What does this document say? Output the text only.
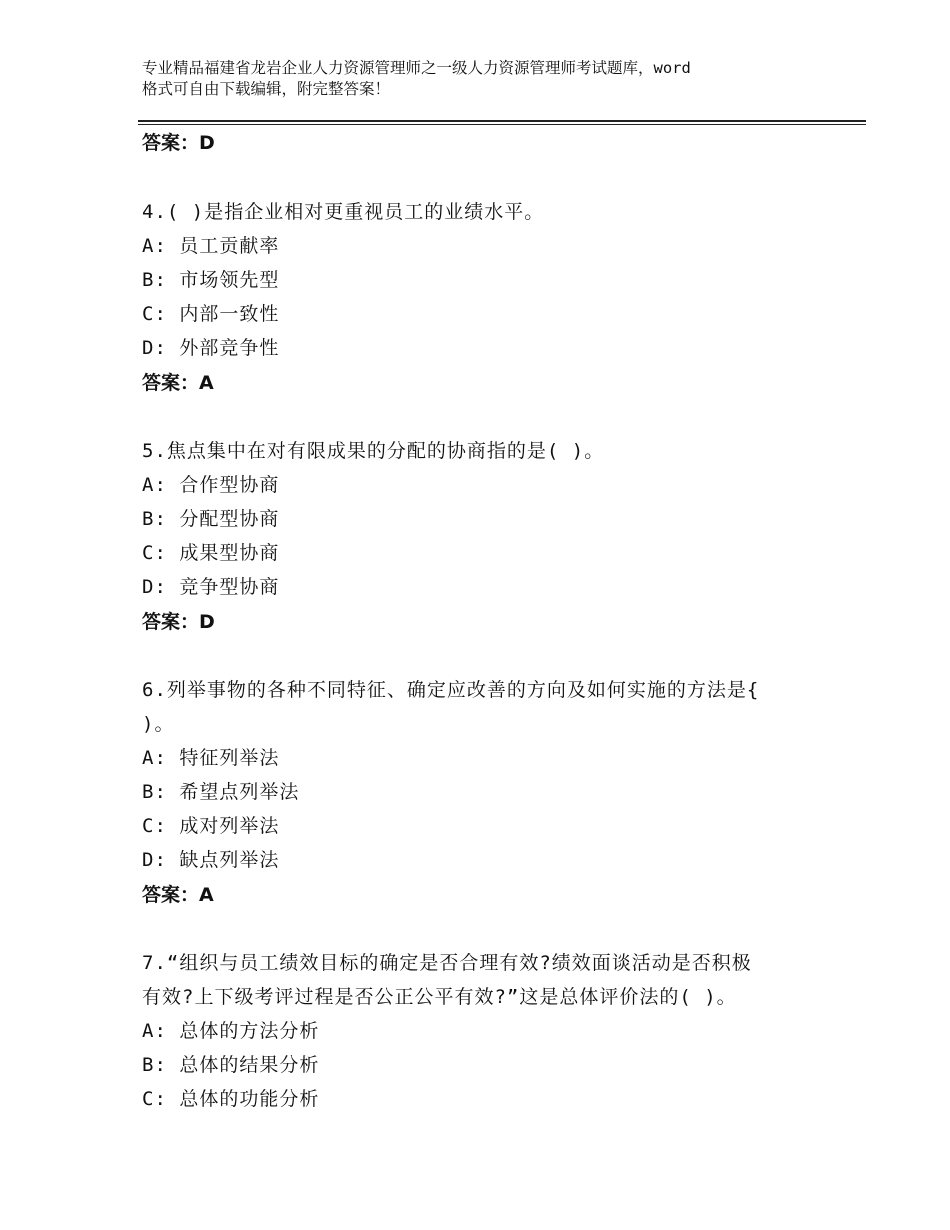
专业精品福建省龙岩企业人力资源管理师之一级人力资源管理师考试题库，word
格式可自由下载编辑，附完整答案！
答案：D
4.( )是指企业相对更重视员工的业绩水平。
A: 员工贡献率
B: 市场领先型
C: 内部一致性
D: 外部竞争性
答案：A
5.焦点集中在对有限成果的分配的协商指的是( )。
A: 合作型协商
B: 分配型协商
C: 成果型协商
D: 竞争型协商
答案：D
6.列举事物的各种不同特征、确定应改善的方向及如何实施的方法是{
)。
A: 特征列举法
B: 希望点列举法
C: 成对列举法
D: 缺点列举法
答案：A
7.“组织与员工绩效目标的确定是否合理有效?绩效面谈活动是否积极
有效?上下级考评过程是否公正公平有效?”这是总体评价法的( )。
A: 总体的方法分析
B: 总体的结果分析
C: 总体的功能分析
